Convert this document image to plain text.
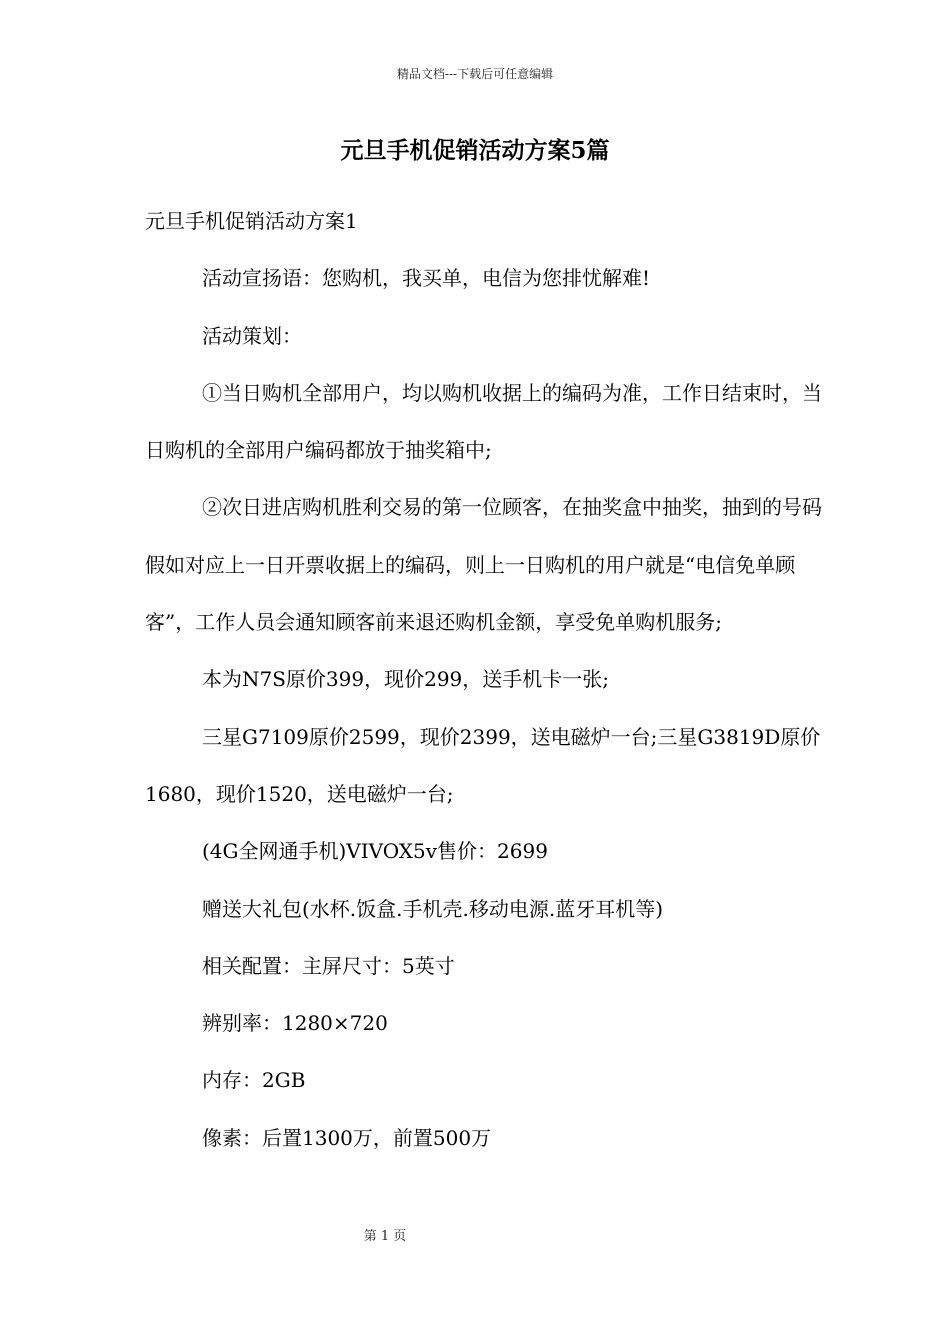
精品文档---下载后可任意编辑
元旦手机促销活动方案5篇

元旦手机促销活动方案1

活动宣扬语：您购机，我买单，电信为您排忧解难!

活动策划：

①当日购机全部用户，均以购机收据上的编码为准，工作日结束时，当日购机的全部用户编码都放于抽奖箱中;

②次日进店购机胜利交易的第一位顾客，在抽奖盒中抽奖，抽到的号码假如对应上一日开票收据上的编码，则上一日购机的用户就是“电信免单顾客”，工作人员会通知顾客前来退还购机金额，享受免单购机服务;

本为N7S原价399，现价299，送手机卡一张;

三星G7109原价2599，现价2399，送电磁炉一台;三星G3819D原价1680，现价1520，送电磁炉一台;

(4G全网通手机)VIVOX5v售价：2699

赠送大礼包(水杯.饭盒.手机壳.移动电源.蓝牙耳机等)

相关配置：主屏尺寸：5英寸

辨别率：1280×720

内存：2GB

像素：后置1300万，前置500万

第 1 页
